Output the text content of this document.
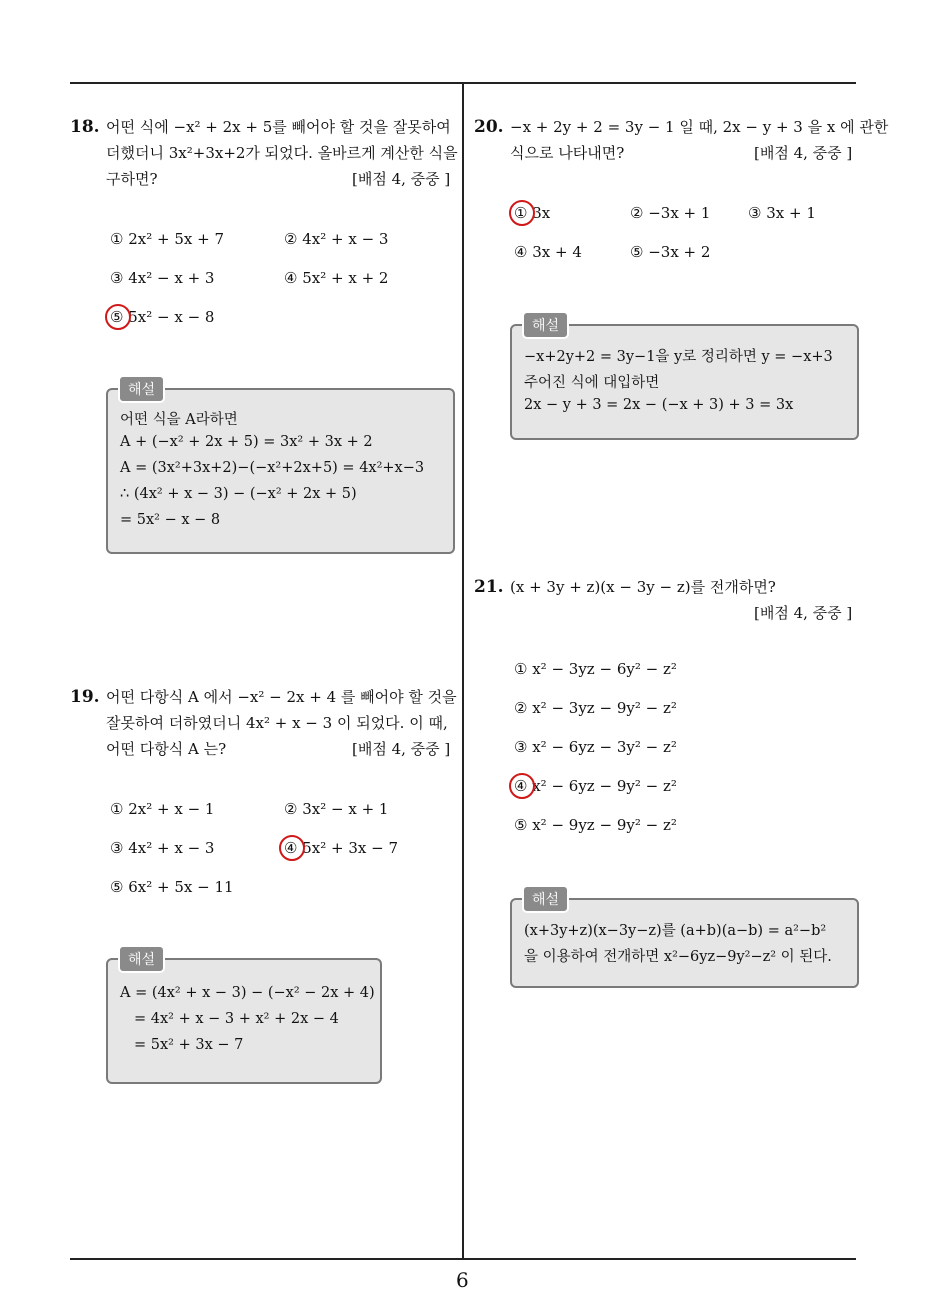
6
18. 어떤 식에 −x² + 2x + 5를 빼어야 할 것을 잘못하여
더했더니 3x²+3x+2가 되었다. 올바르게 계산한 식을
구하면?	[배점 4, 중중 ]
① 2x² + 5x + 7	② 4x² + x − 3
③ 4x² − x + 3	④ 5x² + x + 2
⑤ 5x² − x − 8
해설
어떤 식을 A라하면
A + (−x² + 2x + 5) = 3x² + 3x + 2
A = (3x²+3x+2)−(−x²+2x+5) = 4x²+x−3
∴ (4x² + x − 3) − (−x² + 2x + 5)
= 5x² − x − 8
19. 어떤 다항식 A 에서 −x² − 2x + 4 를 빼어야 할 것을
잘못하여 더하였더니 4x² + x − 3 이 되었다. 이 때,
어떤 다항식 A 는?	[배점 4, 중중 ]
① 2x² + x − 1	② 3x² − x + 1
③ 4x² + x − 3	④ 5x² + 3x − 7
⑤ 6x² + 5x − 11
해설
A = (4x² + x − 3) − (−x² − 2x + 4)
= 4x² + x − 3 + x² + 2x − 4
= 5x² + 3x − 7
20. −x + 2y + 2 = 3y − 1 일 때, 2x − y + 3 을 x 에 관한
식으로 나타내면?	[배점 4, 중중 ]
① 3x	② −3x + 1	③ 3x + 1
④ 3x + 4	⑤ −3x + 2
해설
−x+2y+2 = 3y−1을 y로 정리하면 y = −x+3
주어진 식에 대입하면
2x − y + 3 = 2x − (−x + 3) + 3 = 3x
21. (x + 3y + z)(x − 3y − z)를 전개하면?
[배점 4, 중중 ]
① x² − 3yz − 6y² − z²
② x² − 3yz − 9y² − z²
③ x² − 6yz − 3y² − z²
④ x² − 6yz − 9y² − z²
⑤ x² − 9yz − 9y² − z²
해설
(x+3y+z)(x−3y−z)를 (a+b)(a−b) = a²−b²
을 이용하여 전개하면 x²−6yz−9y²−z² 이 된다.
